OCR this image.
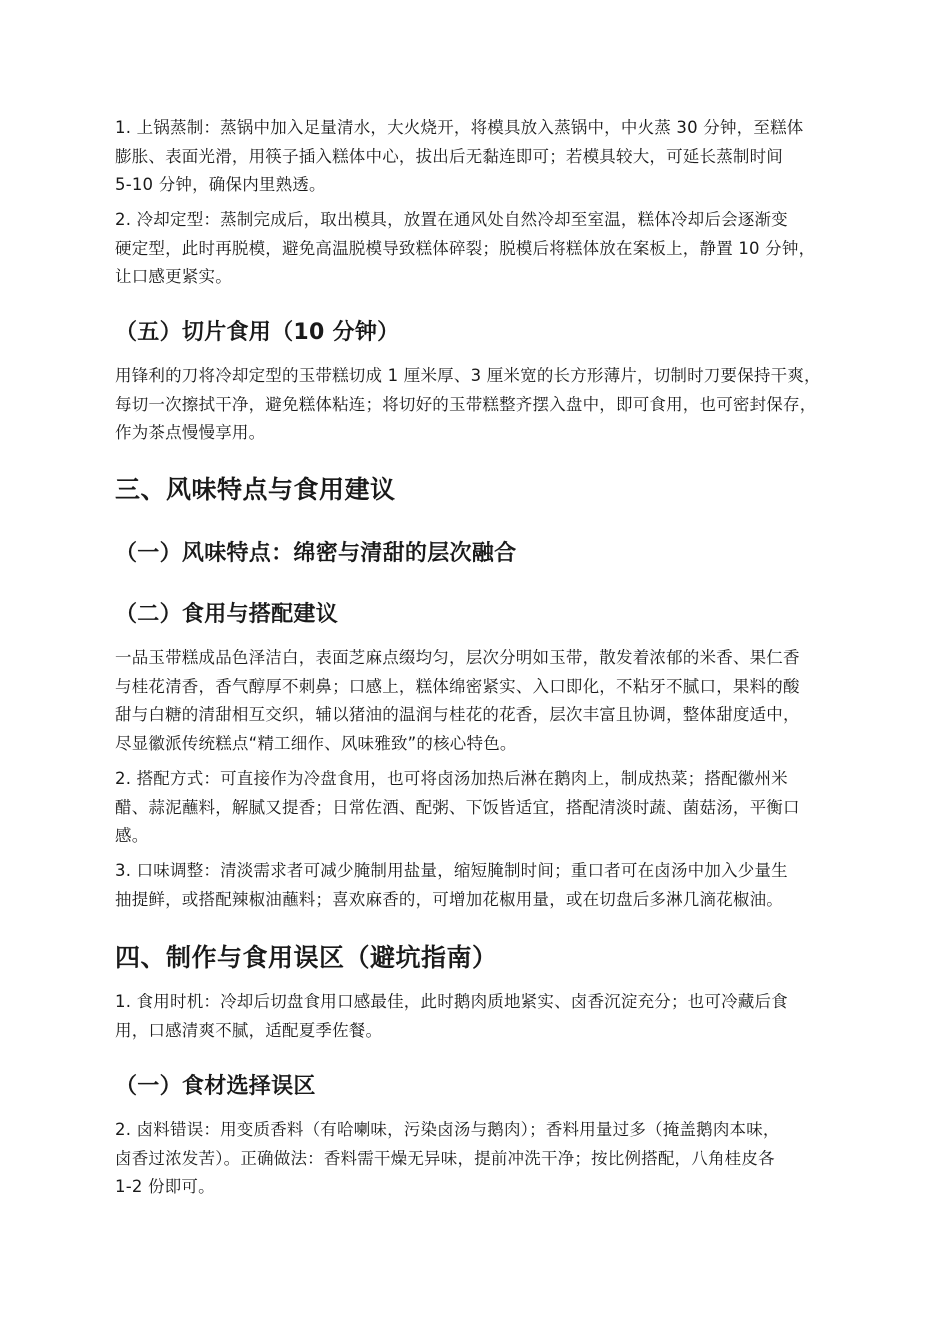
1. 上锅蒸制：蒸锅中加入足量清水，大火烧开，将模具放入蒸锅中，中火蒸 30 分钟，至糕体
膨胀、表面光滑，用筷子插入糕体中心，拔出后无黏连即可；若模具较大，可延长蒸制时间
5-10 分钟，确保内里熟透。

2. 冷却定型：蒸制完成后，取出模具，放置在通风处自然冷却至室温，糕体冷却后会逐渐变
硬定型，此时再脱模，避免高温脱模导致糕体碎裂；脱模后将糕体放在案板上，静置 10 分钟，
让口感更紧实。

（五）切片食用（10 分钟）

用锋利的刀将冷却定型的玉带糕切成 1 厘米厚、3 厘米宽的长方形薄片，切制时刀要保持干爽，
每切一次擦拭干净，避免糕体粘连；将切好的玉带糕整齐摆入盘中，即可食用，也可密封保存，
作为茶点慢慢享用。

三、风味特点与食用建议
（一）风味特点：绵密与清甜的层次融合
（二）食用与搭配建议

一品玉带糕成品色泽洁白，表面芝麻点缀均匀，层次分明如玉带，散发着浓郁的米香、果仁香
与桂花清香，香气醇厚不刺鼻；口感上，糕体绵密紧实、入口即化，不粘牙不腻口，果料的酸
甜与白糖的清甜相互交织，辅以猪油的温润与桂花的花香，层次丰富且协调，整体甜度适中，
尽显徽派传统糕点“精工细作、风味雅致”的核心特色。

2. 搭配方式：可直接作为冷盘食用，也可将卤汤加热后淋在鹅肉上，制成热菜；搭配徽州米
醋、蒜泥蘸料，解腻又提香；日常佐酒、配粥、下饭皆适宜，搭配清淡时蔬、菌菇汤，平衡口
感。

3. 口味调整：清淡需求者可减少腌制用盐量，缩短腌制时间；重口者可在卤汤中加入少量生
抽提鲜，或搭配辣椒油蘸料；喜欢麻香的，可增加花椒用量，或在切盘后多淋几滴花椒油。

四、制作与食用误区（避坑指南）

1. 食用时机：冷却后切盘食用口感最佳，此时鹅肉质地紧实、卤香沉淀充分；也可冷藏后食
用，口感清爽不腻，适配夏季佐餐。

（一）食材选择误区

2. 卤料错误：用变质香料（有哈喇味，污染卤汤与鹅肉）；香料用量过多（掩盖鹅肉本味，
卤香过浓发苦）。正确做法：香料需干燥无异味，提前冲洗干净；按比例搭配，八角桂皮各
1-2 份即可。
